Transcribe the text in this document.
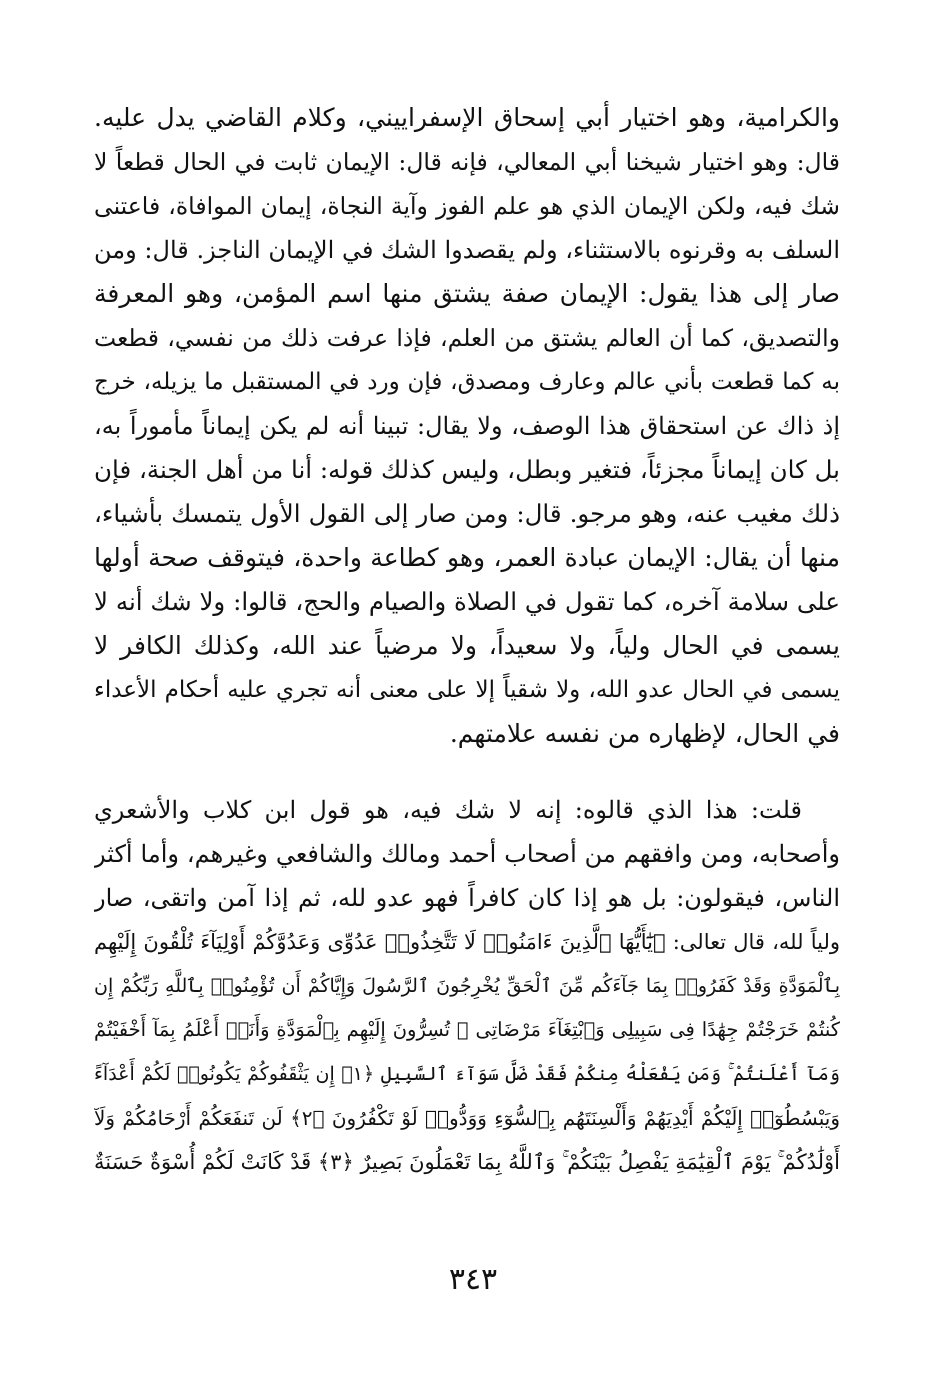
والكرامية، وهو اختيار أبي إسحاق الإسفراييني، وكلام القاضي يدل عليه.
قال: وهو اختيار شيخنا أبي المعالي، فإنه قال: الإيمان ثابت في الحال قطعاً لا
شك فيه، ولكن الإيمان الذي هو علم الفوز وآية النجاة، إيمان الموافاة، فاعتنى
السلف به وقرنوه بالاستثناء، ولم يقصدوا الشك في الإيمان الناجز. قال: ومن
صار إلى هذا يقول: الإيمان صفة يشتق منها اسم المؤمن، وهو المعرفة
والتصديق، كما أن العالم يشتق من العلم، فإذا عرفت ذلك من نفسي، قطعت
به كما قطعت بأني عالم وعارف ومصدق، فإن ورد في المستقبل ما يزيله، خرج
إذ ذاك عن استحقاق هذا الوصف، ولا يقال: تبينا أنه لم يكن إيماناً مأموراً به،
بل كان إيماناً مجزئاً، فتغير وبطل، وليس كذلك قوله: أنا من أهل الجنة، فإن
ذلك مغيب عنه، وهو مرجو. قال: ومن صار إلى القول الأول يتمسك بأشياء،
منها أن يقال: الإيمان عبادة العمر، وهو كطاعة واحدة، فيتوقف صحة أولها
على سلامة آخره، كما تقول في الصلاة والصيام والحج، قالوا: ولا شك أنه لا
يسمى في الحال ولياً، ولا سعيداً، ولا مرضياً عند الله، وكذلك الكافر لا
يسمى في الحال عدو الله، ولا شقياً إلا على معنى أنه تجري عليه أحكام الأعداء
في الحال، لإظهاره من نفسه علامتهم.
قلت: هذا الذي قالوه: إنه لا شك فيه، هو قول ابن كلاب والأشعري
وأصحابه، ومن وافقهم من أصحاب أحمد ومالك والشافعي وغيرهم، وأما أكثر
الناس، فيقولون: بل هو إذا كان كافراً فهو عدو لله، ثم إذا آمن واتقى، صار
ولياً لله، قال تعالى: ﴿يَٰٓأَيُّهَا ٱلَّذِينَ ءَامَنُوا۟ لَا تَتَّخِذُوا۟ عَدُوِّى وَعَدُوَّكُمْ أَوْلِيَآءَ تُلْقُونَ إِلَيْهِم
بِٱلْمَوَدَّةِ وَقَدْ كَفَرُوا۟ بِمَا جَآءَكُم مِّنَ ٱلْحَقِّ يُخْرِجُونَ ٱلرَّسُولَ وَإِيَّاكُمْ أَن تُؤْمِنُوا۟ بِٱللَّهِ رَبِّكُمْ إِن
كُنتُمْ خَرَجْتُمْ جِهَٰدًا فِى سَبِيلِى وَٱبْتِغَآءَ مَرْضَاتِى ۚ تُسِرُّونَ إِلَيْهِم بِٱلْمَوَدَّةِ وَأَنَا۠ أَعْلَمُ بِمَآ أَخْفَيْتُمْ
وَمَآ أَعْلَنتُمْ ۚ وَمَن يَفْعَلْهُ مِنكُمْ فَقَدْ ضَلَّ سَوَآءَ ٱلسَّبِيلِ ﴿١﴾ إِن يَثْقَفُوكُمْ يَكُونُوا۟ لَكُمْ أَعْدَآءً
وَيَبْسُطُوٓا۟ إِلَيْكُمْ أَيْدِيَهُمْ وَأَلْسِنَتَهُم بِٱلسُّوٓءِ وَوَدُّوا۟ لَوْ تَكْفُرُونَ ﴿٢﴾ لَن تَنفَعَكُمْ أَرْحَامُكُمْ وَلَآ
أَوْلَٰدُكُمْ ۚ يَوْمَ ٱلْقِيَٰمَةِ يَفْصِلُ بَيْنَكُمْ ۚ وَٱللَّهُ بِمَا تَعْمَلُونَ بَصِيرٌ ﴿٣﴾ قَدْ كَانَتْ لَكُمْ أُسْوَةٌ حَسَنَةٌ
٣٤٣
